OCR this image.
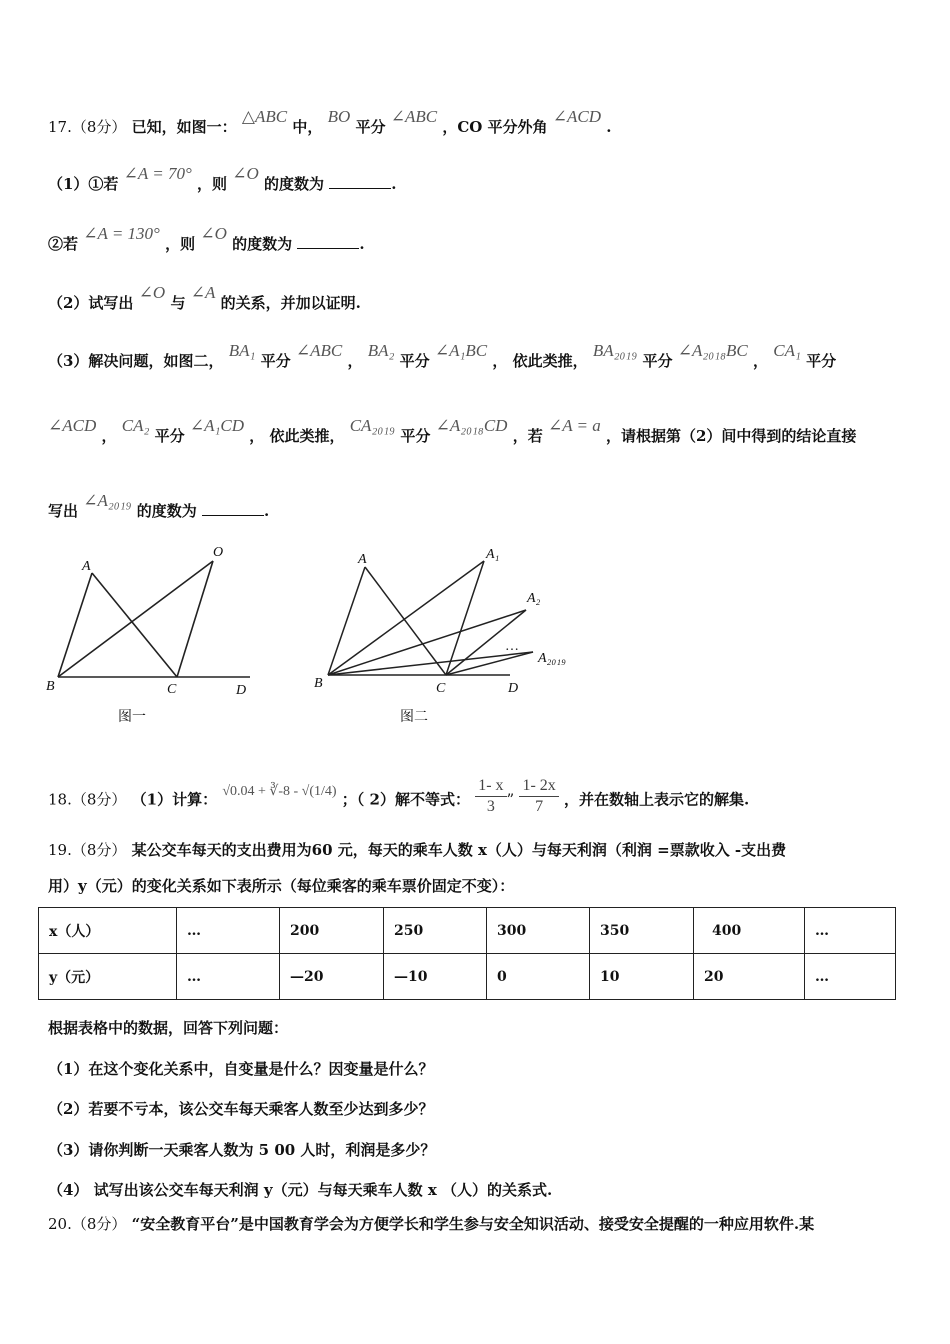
17.（8分） 已知，如图一： △ABC 中， BO 平分 ∠ABC ，CO 平分外角 ∠ACD .
（1）①若 ∠A = 70° ，则 ∠O 的度数为	.
②若 ∠A = 130° ，则 ∠O 的度数为	.
（2）试写出 ∠O 与 ∠A 的关系，并加以证明.
（3）解决问题，如图二， BA₁ 平分 ∠ABC ， BA₂ 平分 ∠A₁BC ， 依此类推， BA₂₀₁₉ 平分 ∠A₂₀₁₈BC ， CA₁ 平分
∠ACD ， CA₂ 平分 ∠A₁CD ， 依此类推， CA₂₀₁₉ 平分 ∠A₂₀₁₈CD ，若 ∠A = a ，请根据第（2）间中得到的结论直接
写出 ∠A₂₀₁₉ 的度数为	.
A
B	C	D
O
图一
A	A₁
A₂
…
A₂₀₁₉
B	C	D
图二
18.（8分） （1）计算： √0.04 + ∛-8 - √(1/4) ；（ 2）解不等式： $\frac{1- x}{3}$” $\frac{1- 2x}{7}$ ，并在数轴上表示它的解集.
19.（8分） 某公交车每天的支出费用为60 元，每天的乘车人数 x（人）与每天利润（利润 =票款收入 -支出费
用）y（元）的变化关系如下表所示（每位乘客的乘车票价固定不变）：
x（人）	…	200	250	300	350	400	…
y（元）	…	—20	—10	0	10	20	…
根据表格中的数据，回答下列问题：
（1）在这个变化关系中，自变量是什么？因变量是什么？
（2）若要不亏本，该公交车每天乘客人数至少达到多少？
（3）请你判断一天乘客人数为 5 00 人时，利润是多少？
（4） 试写出该公交车每天利润 y（元）与每天乘车人数 x （人）的关系式.
20.（8分） “安全教育平台”是中国教育学会为方便学长和学生参与安全知识活动、接受安全提醒的一种应用软件.某
